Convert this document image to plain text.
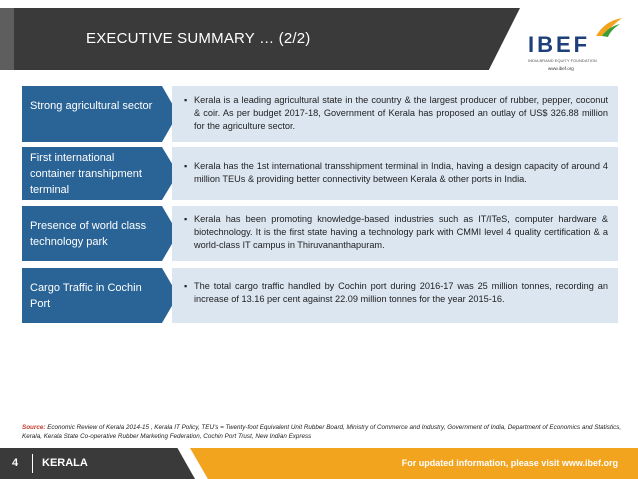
EXECUTIVE SUMMARY … (2/2)	IBEF
INDIA BRAND EQUITY FOUNDATION
www.ibef.org
Strong agricultural sector

▪	Kerala is a leading agricultural state in the country & the largest producer of rubber, pepper, coconut & coir. As per budget 2017-18, Government of Kerala has proposed an outlay of US$ 326.88 million for the agriculture sector.

First international container transhipment terminal

▪ Kerala has the 1st international transshipment terminal in India, having a design capacity of around 4 million TEUs & providing better connectivity between Kerala & other ports in India.

Presence of world class technology park

▪ Kerala has been promoting knowledge-based industries such as IT/ITeS, computer hardware & biotechnology. It is the first state having a technology park with CMMI level 4 quality certification & a world-class IT campus in Thiruvananthapuram.

Cargo Traffic in Cochin Port

▪ The total cargo traffic handled by Cochin port during 2016-17 was 25 million tonnes, recording an increase of 13.16 per cent against 22.09 million tonnes for the year 2015-16.

Source: Economic Review of Kerala 2014-15 , Kerala IT Policy, TEU's = Twenty-foot Equivalent Unit Rubber Board, Ministry of Commerce and Industry, Government of India, Department of Economics and Statistics, Kerala, Kerala State Co-operative Rubber Marketing Federation, Cochin Port Trust, New Indian Express
4 KERALA	For updated information, please visit www.ibef.org
